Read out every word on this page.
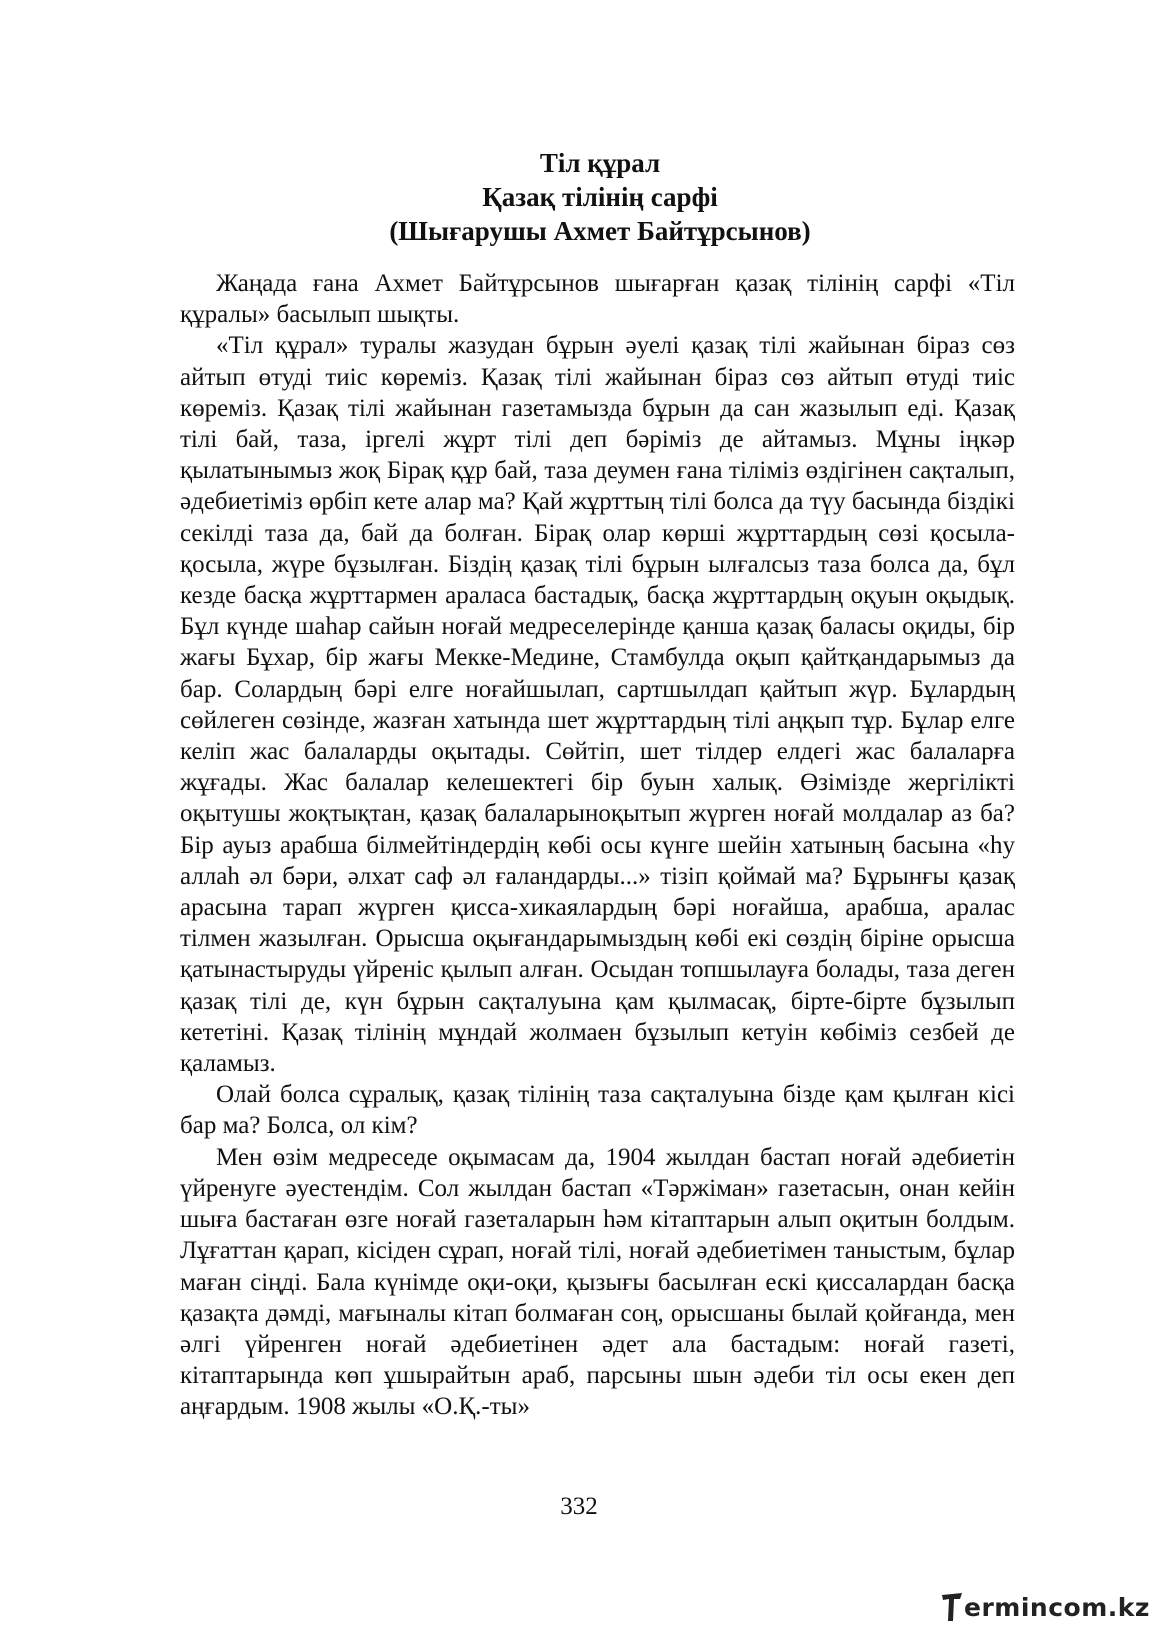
Тіл құрал
Қазақ тілінің сарфі
(Шығарушы Ахмет Байтұрсынов)

Жаңада ғана Ахмет Байтұрсынов шығарған қазақ тілінің сарфі «Тіл құралы» басылып шықты.

«Тіл құрал» туралы жазудан бұрын әуелі қазақ тілі жайынан біраз сөз айтып өтуді тиіс көреміз. Қазақ тілі жайынан біраз сөз айтып өтуді тиіс көреміз. Қазақ тілі жайынан газетамызда бұрын да сан жазылып еді. Қазақ тілі бай, таза, іргелі жұрт тілі деп бәріміз де айтамыз. Мұны іңкәр қылатынымыз жоқ Бірақ құр бай, таза деумен ғана тіліміз өздігінен сақталып, әдебиетіміз өрбіп кете алар ма? Қай жұрттың тілі болса да түу басында біздікі секілді таза да, бай да болған. Бірақ олар көрші жұрттардың сөзі қосыла-қосыла, жүре бұзылған. Біздің қазақ тілі бұрын ылғалсыз таза болса да, бұл кезде басқа жұрттармен араласа бастадық, басқа жұрттардың оқуын оқыдық. Бұл күнде шаһар сайын ноғай медреселерінде қанша қазақ баласы оқиды, бір жағы Бұхар, бір жағы Мекке-Медине, Стамбулда оқып қайтқандарымыз да бар. Солардың бәрі елге ноғайшылап, сартшылдап қайтып жүр. Бұлардың сөйлеген сөзінде, жазған хатында шет жұрттардың тілі аңқып тұр. Бұлар елге келіп жас балаларды оқытады. Сөйтіп, шет тілдер елдегі жас балаларға жұғады. Жас балалар келешектегі бір буын халық. Өзімізде жергілікті оқытушы жоқтықтан, қазақ балаларыноқытып жүрген ноғай молдалар аз ба? Бір ауыз арабша білмейтіндердің көбі осы күнге шейін хатының басына «һу аллаһ әл бәри, әлхат саф әл ғаландарды...» тізіп қоймай ма? Бұрынғы қазақ арасына тарап жүрген қисса-хикаялардың бәрі ноғайша, арабша, аралас тілмен жазылған. Орысша оқығандарымыздың көбі екі сөздің біріне орысша қатынастыруды үйреніс қылып алған. Осыдан топшылауға болады, таза деген қазақ тілі де, күн бұрын сақталуына қам қылмасақ, бірте-бірте бұзылып кететіні. Қазақ тілінің мұндай жолмаен бұзылып кетуін көбіміз сезбей де қаламыз.

Олай болса сұралық, қазақ тілінің таза сақталуына бізде қам қылған кісі бар ма? Болса, ол кім?

Мен өзім медреседе оқымасам да, 1904 жылдан бастап ноғай әдебиетін үйренуге әуестендім. Сол жылдан бастап «Тәржіман» газетасын, онан кейін шыға бастаған өзге ноғай газеталарын һәм кітаптарын алып оқитын болдым. Лұғаттан қарап, кісіден сұрап, ноғай тілі, ноғай әдебиетімен таныстым, бұлар маған сіңді. Бала күнімде оқи-оқи, қызығы басылған ескі қиссалардан басқа қазақта дәмді, мағыналы кітап болмаған соң, орысшаны былай қойғанда, мен әлгі үйренген ноғай әдебиетінен әдет ала бастадым: ноғай газеті, кітаптарында көп ұшырайтын араб, парсыны шын әдеби тіл осы екен деп аңғардым. 1908 жылы «О.Қ.-ты»

332
ermincom.kz
